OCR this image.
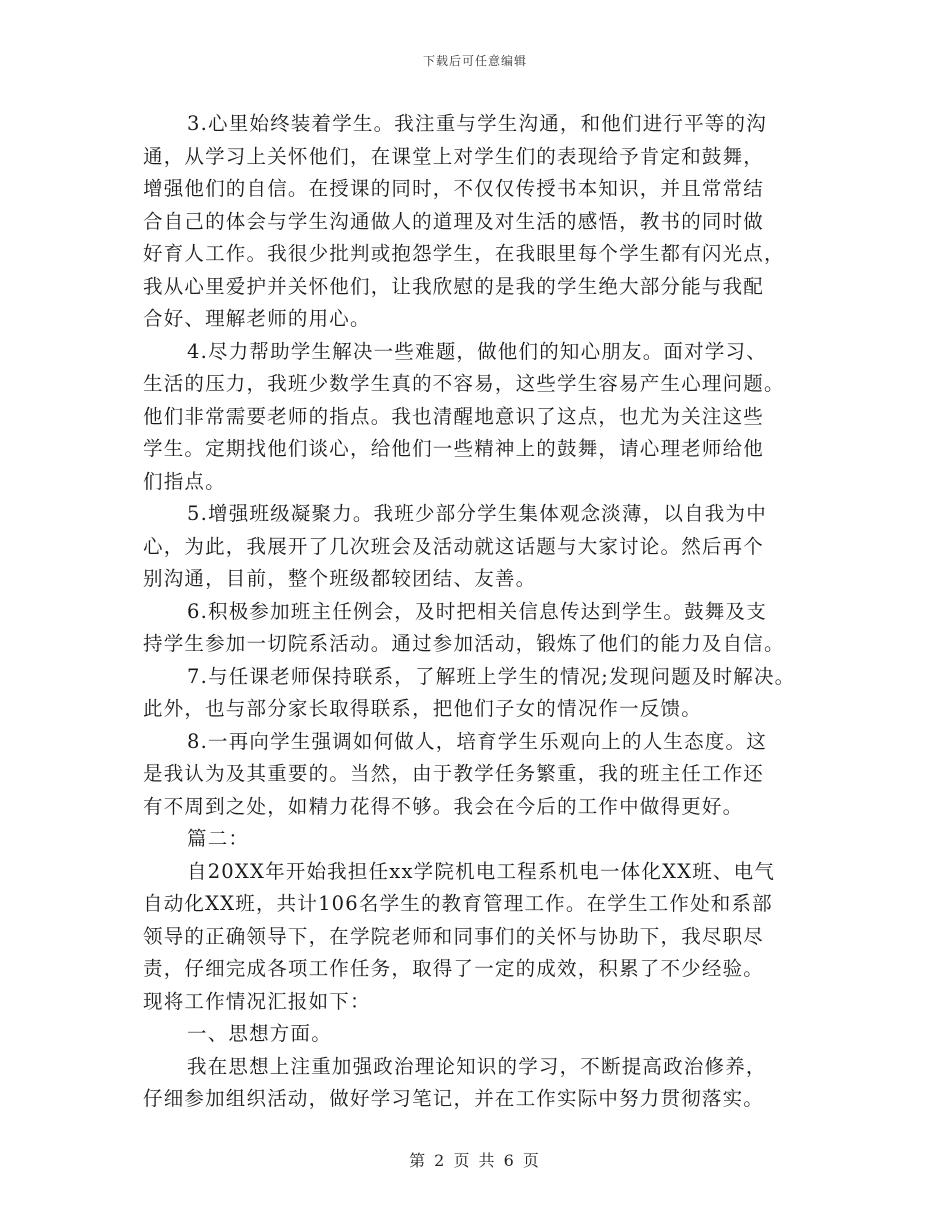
下载后可任意编辑
3.心里始终装着学生。我注重与学生沟通，和他们进行平等的沟
通，从学习上关怀他们，在课堂上对学生们的表现给予肯定和鼓舞，
增强他们的自信。在授课的同时，不仅仅传授书本知识，并且常常结
合自己的体会与学生沟通做人的道理及对生活的感悟，教书的同时做
好育人工作。我很少批判或抱怨学生，在我眼里每个学生都有闪光点，
我从心里爱护并关怀他们，让我欣慰的是我的学生绝大部分能与我配
合好、理解老师的用心。
4.尽力帮助学生解决一些难题，做他们的知心朋友。面对学习、
生活的压力，我班少数学生真的不容易，这些学生容易产生心理问题。
他们非常需要老师的指点。我也清醒地意识了这点，也尤为关注这些
学生。定期找他们谈心，给他们一些精神上的鼓舞，请心理老师给他
们指点。
5.增强班级凝聚力。我班少部分学生集体观念淡薄，以自我为中
心，为此，我展开了几次班会及活动就这话题与大家讨论。然后再个
别沟通，目前，整个班级都较团结、友善。
6.积极参加班主任例会，及时把相关信息传达到学生。鼓舞及支
持学生参加一切院系活动。通过参加活动，锻炼了他们的能力及自信。
7.与任课老师保持联系，了解班上学生的情况;发现问题及时解决。
此外，也与部分家长取得联系，把他们子女的情况作一反馈。
8.一再向学生强调如何做人，培育学生乐观向上的人生态度。这
是我认为及其重要的。当然，由于教学任务繁重，我的班主任工作还
有不周到之处，如精力花得不够。我会在今后的工作中做得更好。
篇二：
自20XX年开始我担任xx学院机电工程系机电一体化XX班、电气
自动化XX班，共计106名学生的教育管理工作。在学生工作处和系部
领导的正确领导下，在学院老师和同事们的关怀与协助下，我尽职尽
责，仔细完成各项工作任务，取得了一定的成效，积累了不少经验。
现将工作情况汇报如下：
一、思想方面。
我在思想上注重加强政治理论知识的学习，不断提高政治修养，
仔细参加组织活动，做好学习笔记，并在工作实际中努力贯彻落实。
第 2 页 共 6 页
